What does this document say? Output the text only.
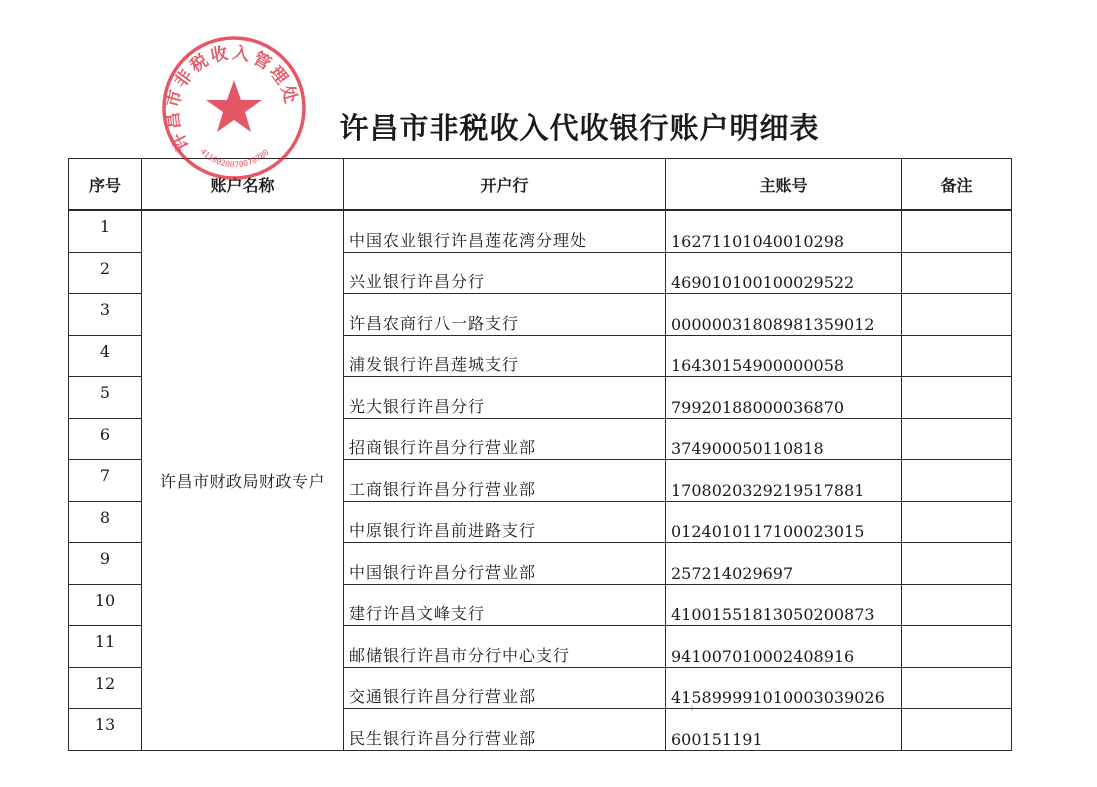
许昌市非税收入代收银行账户明细表
许昌市非税收入管理处
4110020070070780
序号	账户名称	开户行	主账号	备注
1	许昌市财政局财政专户	中国农业银行许昌莲花湾分理处	16271101040010298	
2		兴业银行许昌分行	469010100100029522	
3		许昌农商行八一路支行	00000031808981359012	
4		浦发银行许昌莲城支行	16430154900000058	
5		光大银行许昌分行	79920188000036870	
6		招商银行许昌分行营业部	374900050110818	
7		工商银行许昌分行营业部	1708020329219517881	
8		中原银行许昌前进路支行	0124010117100023015	
9		中国银行许昌分行营业部	257214029697	
10		建行许昌文峰支行	41001551813050200873	
11		邮储银行许昌市分行中心支行	941007010002408916	
12		交通银行许昌分行营业部	415899991010003039026	
13		民生银行许昌分行营业部	600151191	
